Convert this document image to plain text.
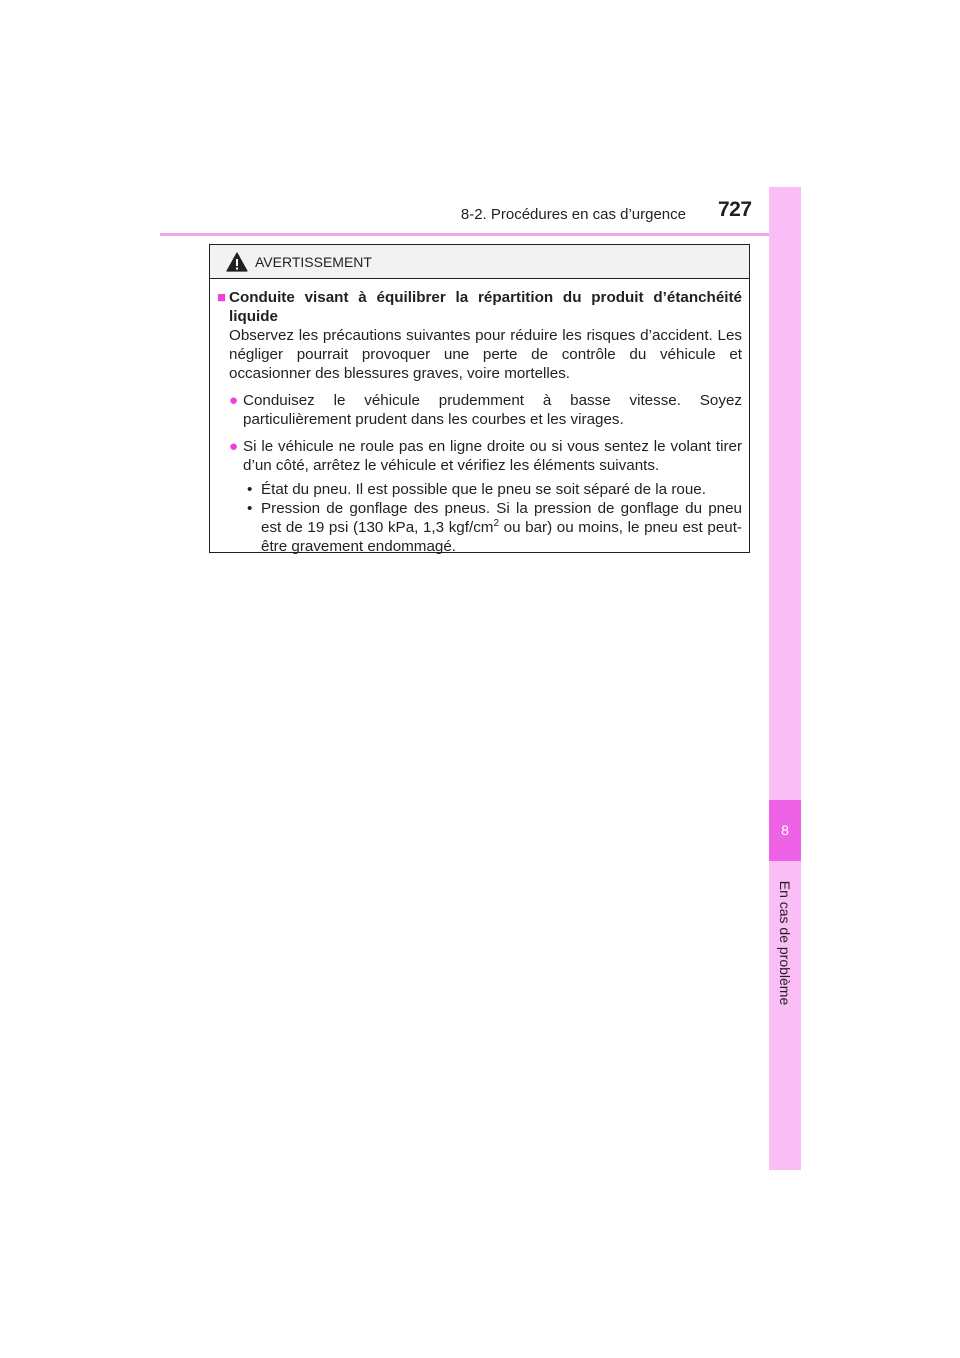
8-2. Procédures en cas d’urgence 727
8
En cas de problème
AVERTISSEMENT
■ Conduite visant à équilibrer la répartition du produit d’étanchéité liquide
Observez les précautions suivantes pour réduire les risques d’accident. Les négliger pourrait provoquer une perte de contrôle du véhicule et occasionner des blessures graves, voire mortelles.
● Conduisez le véhicule prudemment à basse vitesse. Soyez particulièrement prudent dans les courbes et les virages.
● Si le véhicule ne roule pas en ligne droite ou si vous sentez le volant tirer d’un côté, arrêtez le véhicule et vérifiez les éléments suivants.
• État du pneu. Il est possible que le pneu se soit séparé de la roue.
• Pression de gonflage des pneus. Si la pression de gonflage du pneu est de 19 psi (130 kPa, 1,3 kgf/$cm^2$ ou bar) ou moins, le pneu est peut-être gravement endommagé.
